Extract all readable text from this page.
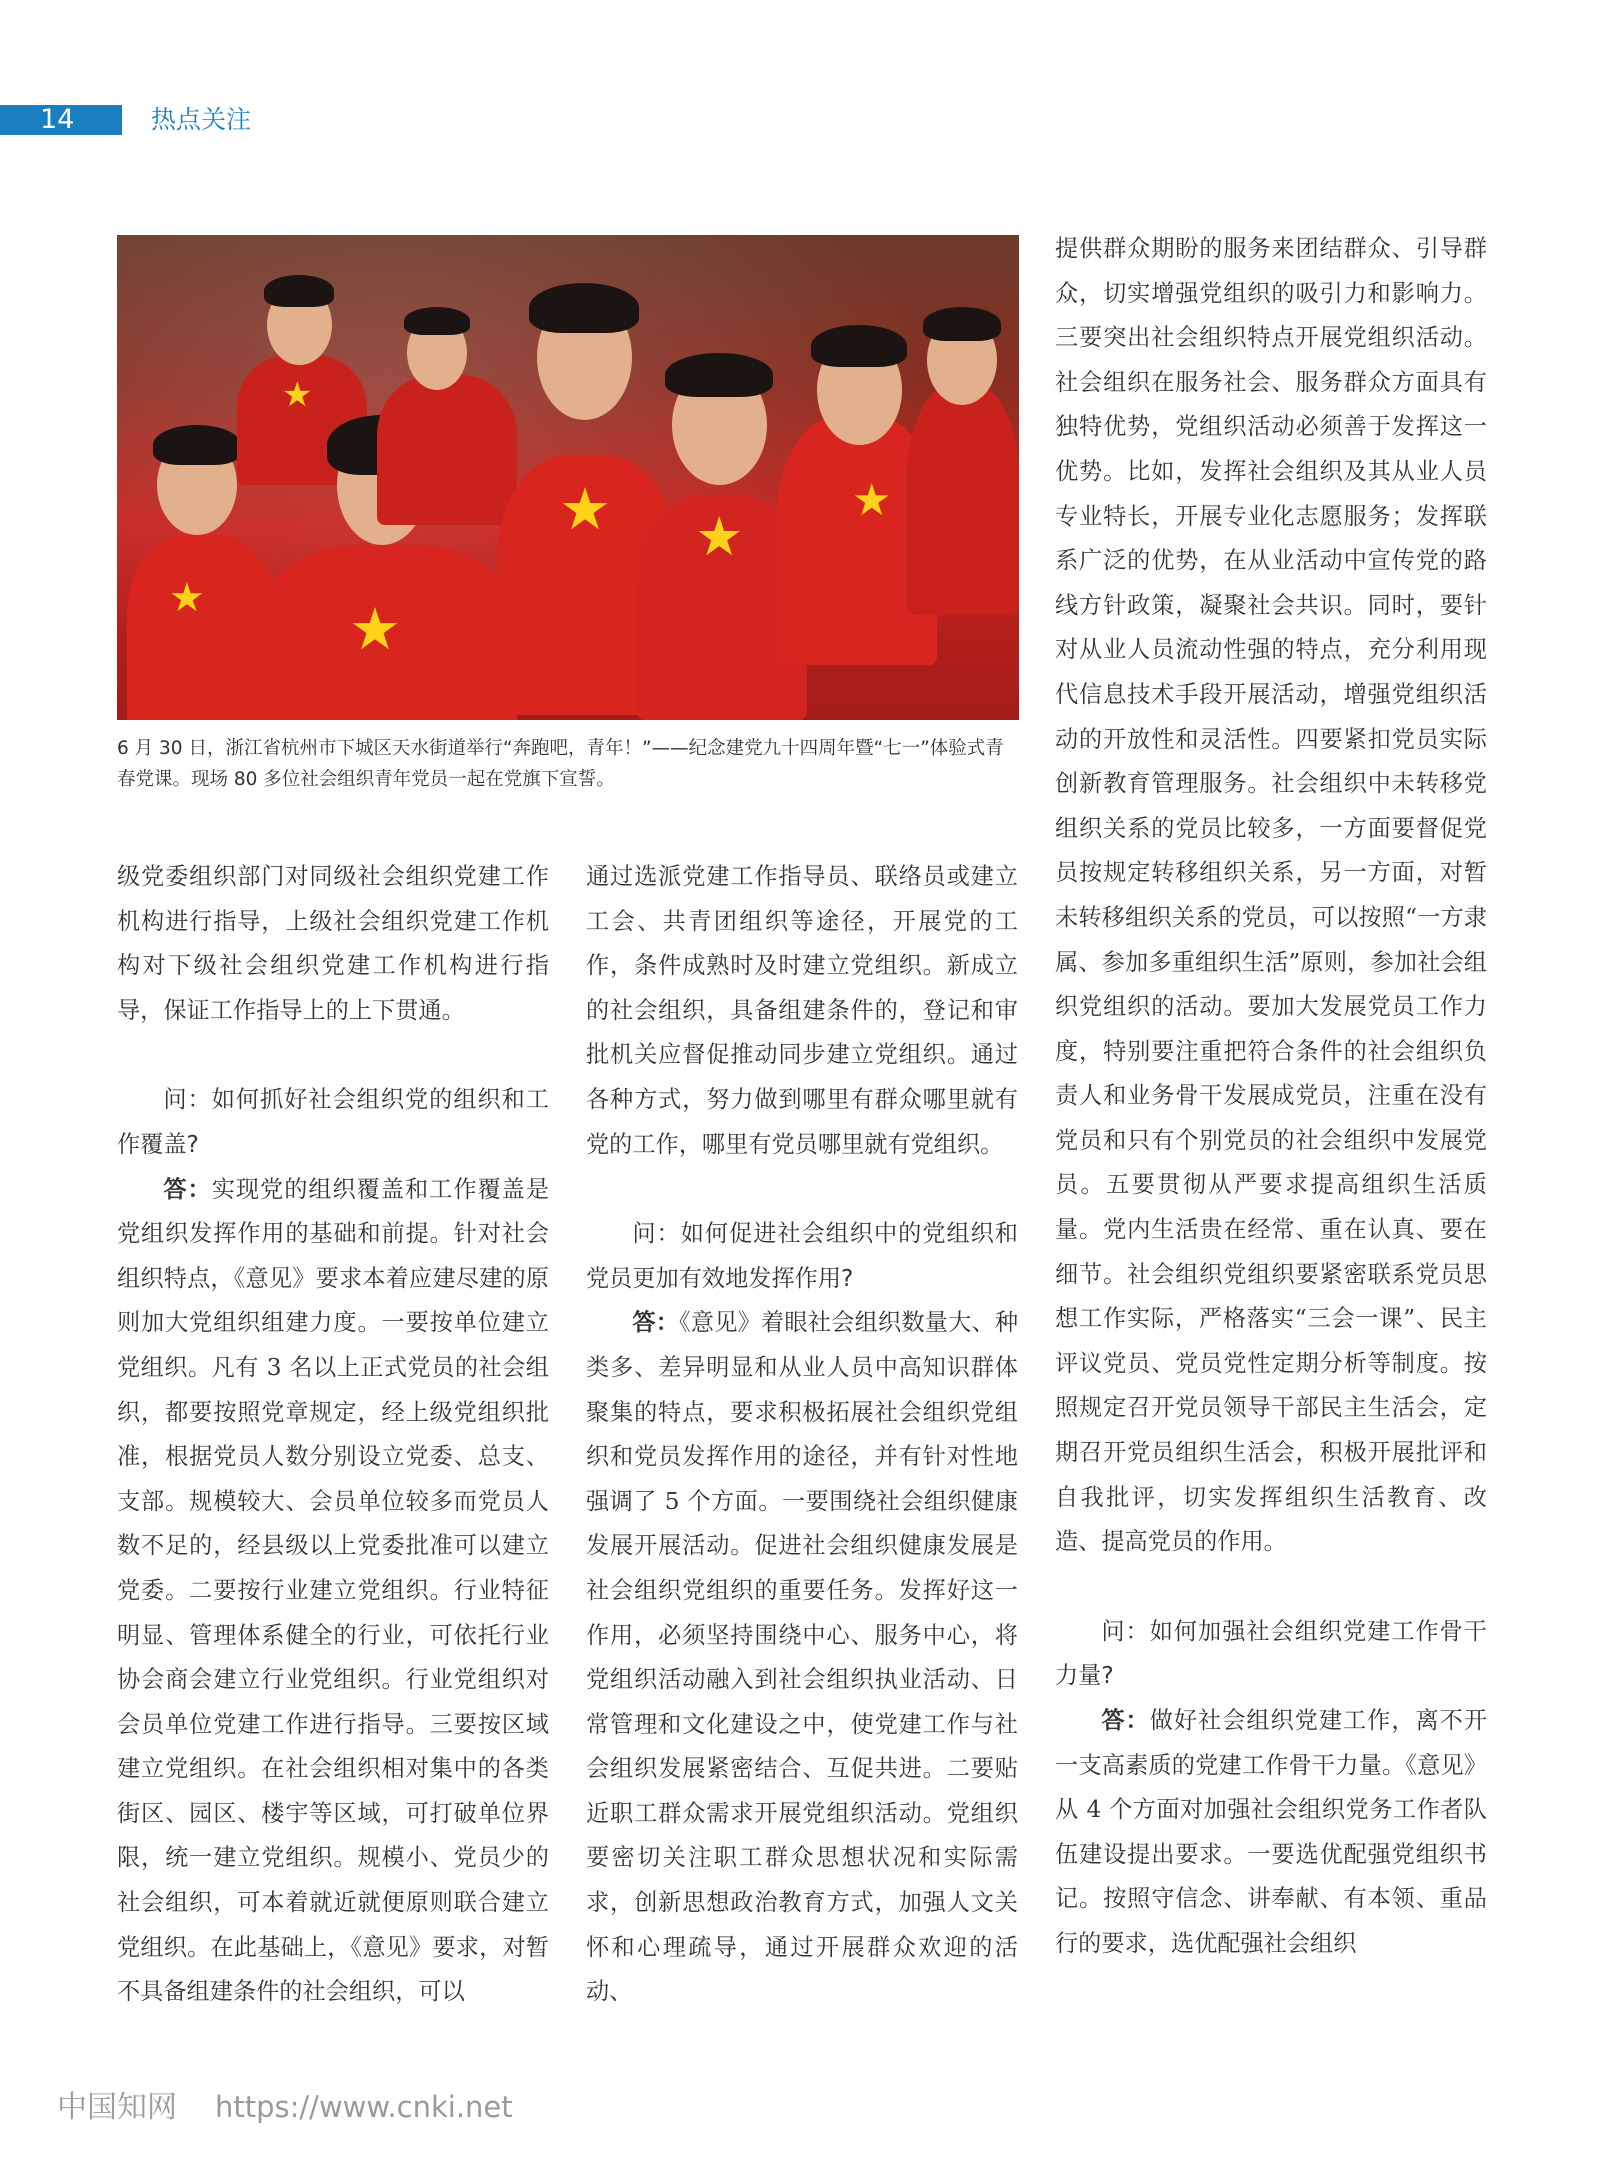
14	热点关注
★
★
★
★ ★
★

6 月 30 日，浙江省杭州市下城区天水街道举行“奔跑吧，青年！”——纪念建党九十四周年暨“七一”体验式青春党课。现场 80 多位社会组织青年党员一起在党旗下宣誓。

级党委组织部门对同级社会组织党建工作机构进行指导，上级社会组织党建工作机构对下级社会组织党建工作机构进行指导，保证工作指导上的上下贯通。

问：如何抓好社会组织党的组织和工作覆盖?

答：实现党的组织覆盖和工作覆盖是党组织发挥作用的基础和前提。针对社会组织特点，《意见》要求本着应建尽建的原则加大党组织组建力度。一要按单位建立党组织。凡有 3 名以上正式党员的社会组织，都要按照党章规定，经上级党组织批准，根据党员人数分别设立党委、总支、支部。规模较大、会员单位较多而党员人数不足的，经县级以上党委批准可以建立党委。二要按行业建立党组织。行业特征明显、管理体系健全的行业，可依托行业协会商会建立行业党组织。行业党组织对会员单位党建工作进行指导。三要按区域建立党组织。在社会组织相对集中的各类街区、园区、楼宇等区域，可打破单位界限，统一建立党组织。规模小、党员少的社会组织，可本着就近就便原则联合建立党组织。在此基础上，《意见》要求，对暂不具备组建条件的社会组织，可以

通过选派党建工作指导员、联络员或建立工会、共青团组织等途径，开展党的工作，条件成熟时及时建立党组织。新成立的社会组织，具备组建条件的，登记和审批机关应督促推动同步建立党组织。通过各种方式，努力做到哪里有群众哪里就有党的工作，哪里有党员哪里就有党组织。

问：如何促进社会组织中的党组织和党员更加有效地发挥作用?

答：《意见》着眼社会组织数量大、种类多、差异明显和从业人员中高知识群体聚集的特点，要求积极拓展社会组织党组织和党员发挥作用的途径，并有针对性地强调了 5 个方面。一要围绕社会组织健康发展开展活动。促进社会组织健康发展是社会组织党组织的重要任务。发挥好这一作用，必须坚持围绕中心、服务中心，将党组织活动融入到社会组织执业活动、日常管理和文化建设之中，使党建工作与社会组织发展紧密结合、互促共进。二要贴近职工群众需求开展党组织活动。党组织要密切关注职工群众思想状况和实际需求，创新思想政治教育方式，加强人文关怀和心理疏导，通过开展群众欢迎的活动、

提供群众期盼的服务来团结群众、引导群众，切实增强党组织的吸引力和影响力。三要突出社会组织特点开展党组织活动。社会组织在服务社会、服务群众方面具有独特优势，党组织活动必须善于发挥这一优势。比如，发挥社会组织及其从业人员专业特长，开展专业化志愿服务；发挥联系广泛的优势，在从业活动中宣传党的路线方针政策，凝聚社会共识。同时，要针对从业人员流动性强的特点，充分利用现代信息技术手段开展活动，增强党组织活动的开放性和灵活性。四要紧扣党员实际创新教育管理服务。社会组织中未转移党组织关系的党员比较多，一方面要督促党员按规定转移组织关系，另一方面，对暂未转移组织关系的党员，可以按照“一方隶属、参加多重组织生活”原则，参加社会组织党组织的活动。要加大发展党员工作力度，特别要注重把符合条件的社会组织负责人和业务骨干发展成党员，注重在没有党员和只有个别党员的社会组织中发展党员。五要贯彻从严要求提高组织生活质量。党内生活贵在经常、重在认真、要在细节。社会组织党组织要紧密联系党员思想工作实际，严格落实“三会一课”、民主评议党员、党员党性定期分析等制度。按照规定召开党员领导干部民主生活会，定期召开党员组织生活会，积极开展批评和自我批评，切实发挥组织生活教育、改造、提高党员的作用。

问：如何加强社会组织党建工作骨干力量?

答：做好社会组织党建工作，离不开一支高素质的党建工作骨干力量。《意见》从 4 个方面对加强社会组织党务工作者队伍建设提出要求。一要选优配强党组织书记。按照守信念、讲奉献、有本领、重品行的要求，选优配强社会组织

中国知网 https://www.cnki.net
